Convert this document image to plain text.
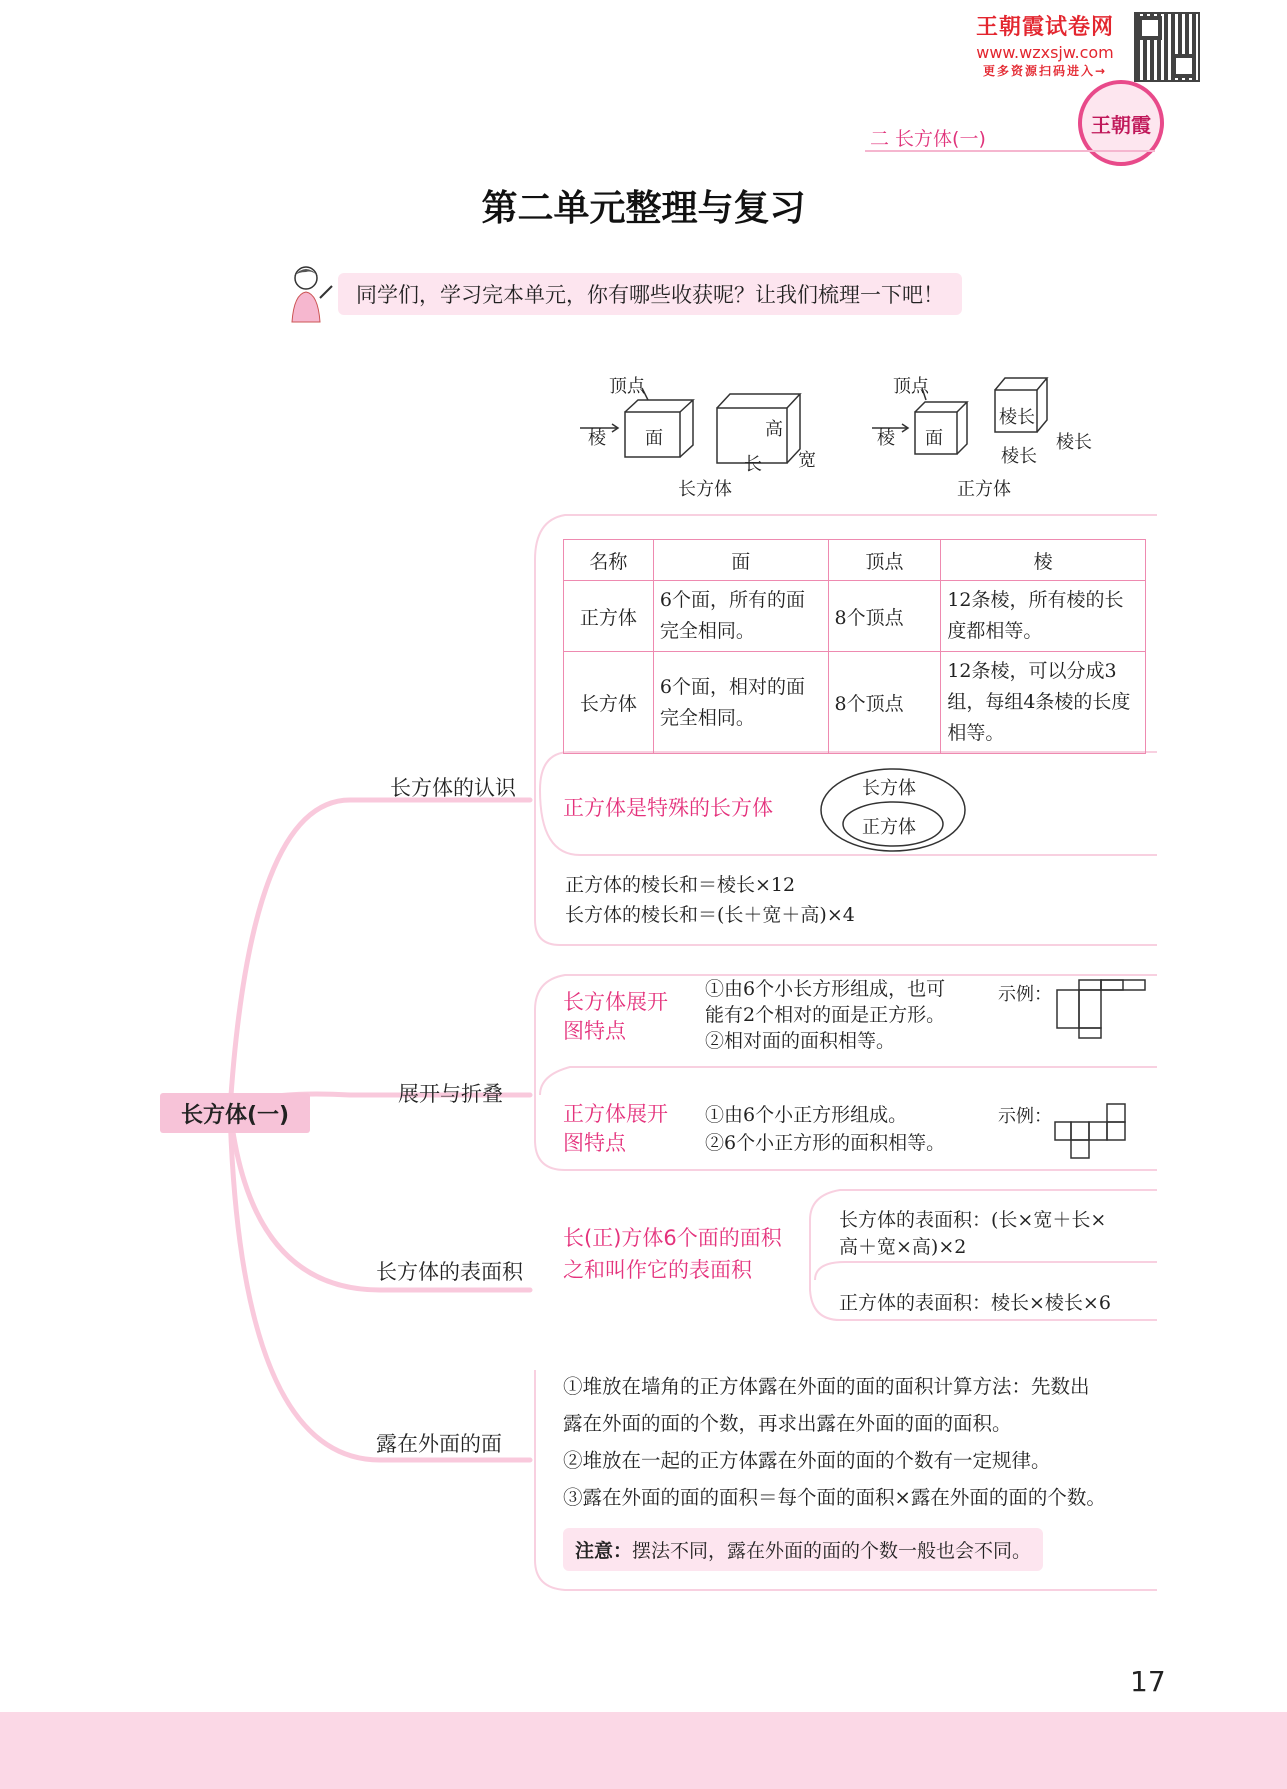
王朝霞试卷网
www.wzxsjw.com
更多资源扫码进入→
王朝霞
二 长方体(一)
第二单元整理与复习
同学们，学习完本单元，你有哪些收获呢？让我们梳理一下吧！
顶点
棱 面	高
长 宽
长方体
顶点
棱 面
棱长
棱长
棱长
正方体
长方体(一)
长方体的认识
展开与折叠
长方体的表面积
露在外面的面
名称	面	顶点	棱
正方体	6个面，所有的面完全相同。	8个顶点	12条棱，所有棱的长度都相等。
长方体	6个面，相对的面完全相同。	8个顶点	12条棱，可以分成3组，每组4条棱的长度相等。
正方体是特殊的长方体
长方体
正方体
正方体的棱长和＝棱长×12
长方体的棱长和＝(长＋宽＋高)×4
长方体展开
图特点
①由6个小长方形组成，也可
能有2个相对的面是正方形。
②相对面的面积相等。
示例：
正方体展开
图特点
①由6个小正方形组成。
②6个小正方形的面积相等。
示例：
长(正)方体6个面的面积
之和叫作它的表面积
长方体的表面积：(长×宽＋长×
高＋宽×高)×2
正方体的表面积：棱长×棱长×6
①堆放在墙角的正方体露在外面的面的面积计算方法：先数出
露在外面的面的个数，再求出露在外面的面的面积。
②堆放在一起的正方体露在外面的面的个数有一定规律。
③露在外面的面的面积＝每个面的面积×露在外面的面的个数。
注意：摆法不同，露在外面的面的个数一般也会不同。
17
